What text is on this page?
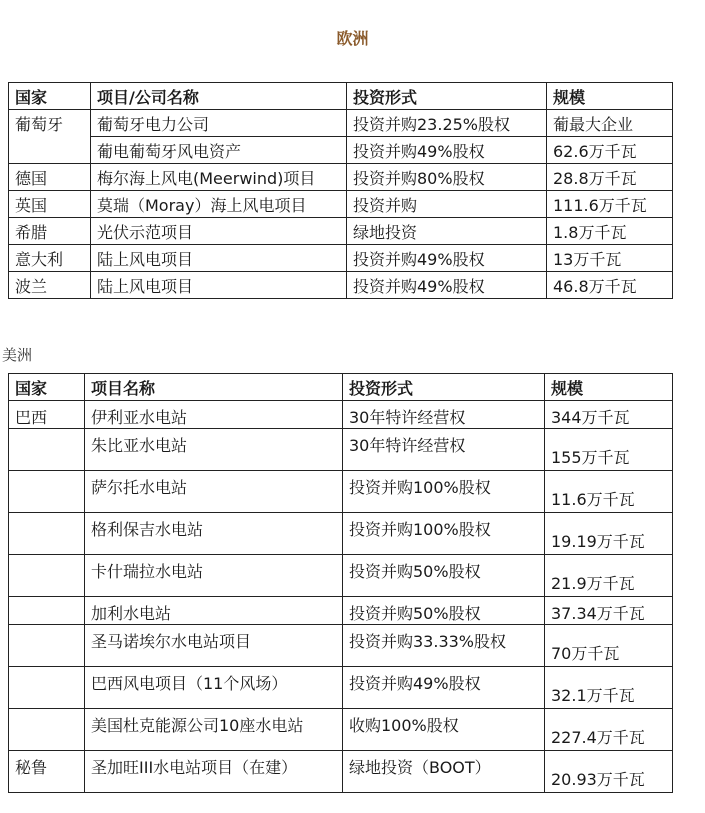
欧洲
国家	项目/公司名称	投资形式	规模
葡萄牙	葡萄牙电力公司	投资并购23.25%股权	葡最大企业
	葡电葡萄牙风电资产	投资并购49%股权	62.6万千瓦
德国	梅尔海上风电(Meerwind)项目	投资并购80%股权	28.8万千瓦
英国	莫瑞（Moray）海上风电项目	投资并购	111.6万千瓦
希腊	光伏示范项目	绿地投资	1.8万千瓦
意大利	陆上风电项目	投资并购49%股权	13万千瓦
波兰	陆上风电项目	投资并购49%股权	46.8万千瓦
美洲
国家	项目名称	投资形式	规模
巴西	伊利亚水电站	30年特许经营权	344万千瓦
	朱比亚水电站	30年特许经营权	155万千瓦
	萨尔托水电站	投资并购100%股权	11.6万千瓦
	格利保吉水电站	投资并购100%股权	19.19万千瓦
	卡什瑞拉水电站	投资并购50%股权	21.9万千瓦
	加利水电站	投资并购50%股权	37.34万千瓦
	圣马诺埃尔水电站项目	投资并购33.33%股权	70万千瓦
	巴西风电项目（11个风场）	投资并购49%股权	32.1万千瓦
	美国杜克能源公司10座水电站	收购100%股权	227.4万千瓦
秘鲁	圣加旺III水电站项目（在建）	绿地投资（BOOT）	20.93万千瓦
